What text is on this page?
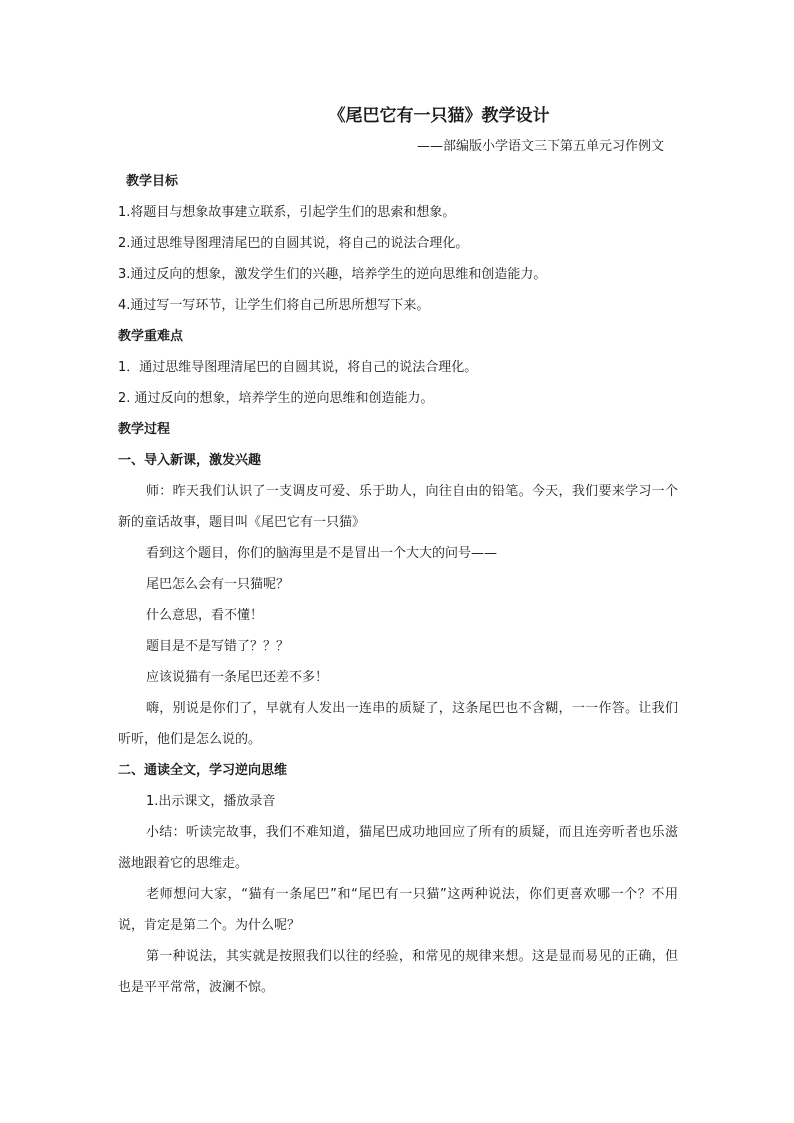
《尾巴它有一只猫》教学设计

——部编版小学语文三下第五单元习作例文

教学目标

1.将题目与想象故事建立联系，引起学生们的思索和想象。

2.通过思维导图理清尾巴的自圆其说，将自己的说法合理化。

3.通过反向的想象，激发学生们的兴趣，培养学生的逆向思维和创造能力。

4.通过写一写环节，让学生们将自己所思所想写下来。

教学重难点

1．通过思维导图理清尾巴的自圆其说，将自己的说法合理化。

2. 通过反向的想象，培养学生的逆向思维和创造能力。

教学过程

一、导入新课，激发兴趣

师：昨天我们认识了一支调皮可爱、乐于助人，向往自由的铅笔。今天，我们要来学习一个新的童话故事，题目叫《尾巴它有一只猫》

看到这个题目，你们的脑海里是不是冒出一个大大的问号——

尾巴怎么会有一只猫呢？

什么意思，看不懂！

题目是不是写错了？？？

应该说猫有一条尾巴还差不多！

嗨，别说是你们了，早就有人发出一连串的质疑了，这条尾巴也不含糊，一一作答。让我们听听，他们是怎么说的。

二、通读全文，学习逆向思维

1.出示课文，播放录音

小结：听读完故事，我们不难知道，猫尾巴成功地回应了所有的质疑，而且连旁听者也乐滋滋地跟着它的思维走。

老师想问大家，“猫有一条尾巴”和“尾巴有一只猫”这两种说法，你们更喜欢哪一个？不用说，肯定是第二个。为什么呢？

第一种说法，其实就是按照我们以往的经验，和常见的规律来想。这是显而易见的正确，但也是平平常常，波澜不惊。
